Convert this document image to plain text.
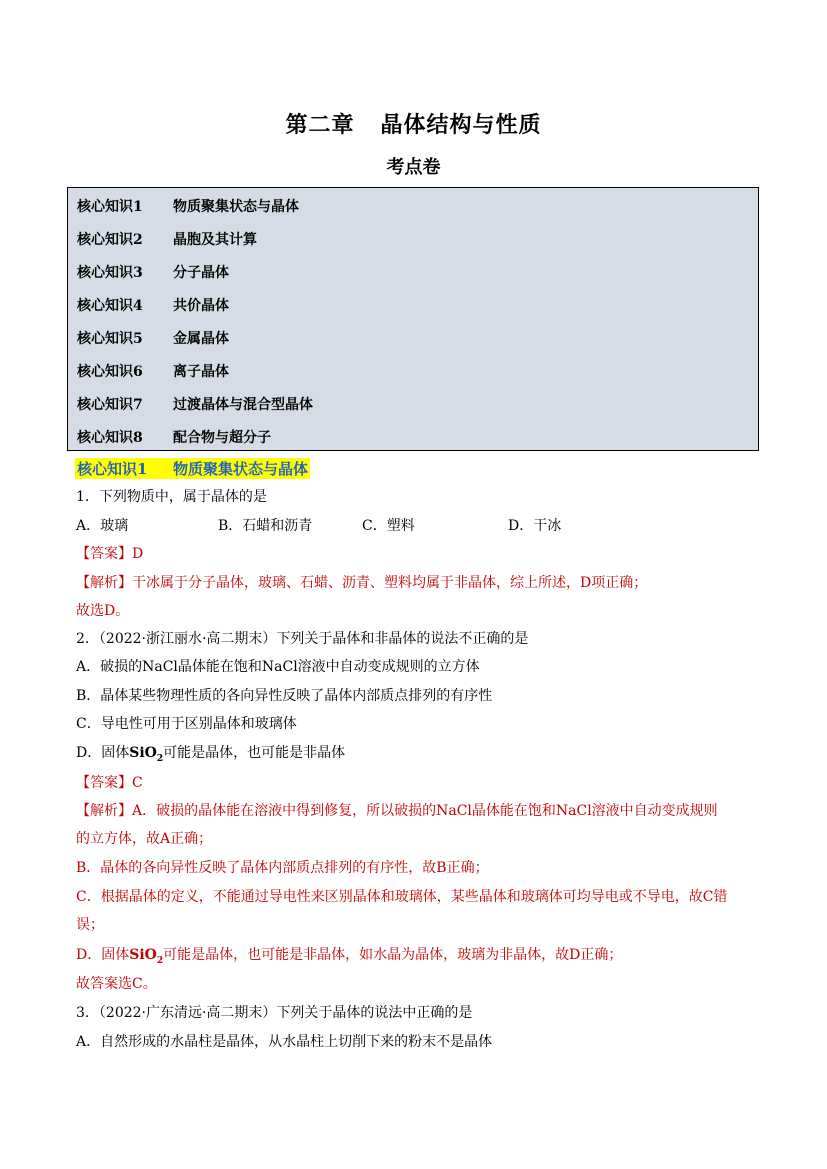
第二章 晶体结构与性质
考点卷
核心知识1 物质聚集状态与晶体
核心知识2 晶胞及其计算
核心知识3 分子晶体
核心知识4 共价晶体
核心知识5 金属晶体
核心知识6 离子晶体
核心知识7 过渡晶体与混合型晶体
核心知识8 配合物与超分子
核心知识1 物质聚集状态与晶体
1．下列物质中，属于晶体的是
A．玻璃	B．石蜡和沥青	C．塑料	D．干冰
【答案】D
【解析】干冰属于分子晶体，玻璃、石蜡、沥青、塑料均属于非晶体，综上所述，D项正确；
故选D。
2．（2022·浙江丽水·高二期末）下列关于晶体和非晶体的说法不正确的是
A．破损的NaCl晶体能在饱和NaCl溶液中自动变成规则的立方体
B．晶体某些物理性质的各向异性反映了晶体内部质点排列的有序性
C．导电性可用于区别晶体和玻璃体
D．固体SiO$_2$可能是晶体，也可能是非晶体
【答案】C
【解析】A．破损的晶体能在溶液中得到修复，所以破损的NaCl晶体能在饱和NaCl溶液中自动变成规则
的立方体，故A正确；
B．晶体的各向异性反映了晶体内部质点排列的有序性，故B正确；
C．根据晶体的定义，不能通过导电性来区别晶体和玻璃体，某些晶体和玻璃体可均导电或不导电，故C错
误；
D．固体SiO$_2$可能是晶体，也可能是非晶体，如水晶为晶体，玻璃为非晶体，故D正确；
故答案选C。
3．（2022·广东清远·高二期末）下列关于晶体的说法中正确的是
A．自然形成的水晶柱是晶体，从水晶柱上切削下来的粉末不是晶体
